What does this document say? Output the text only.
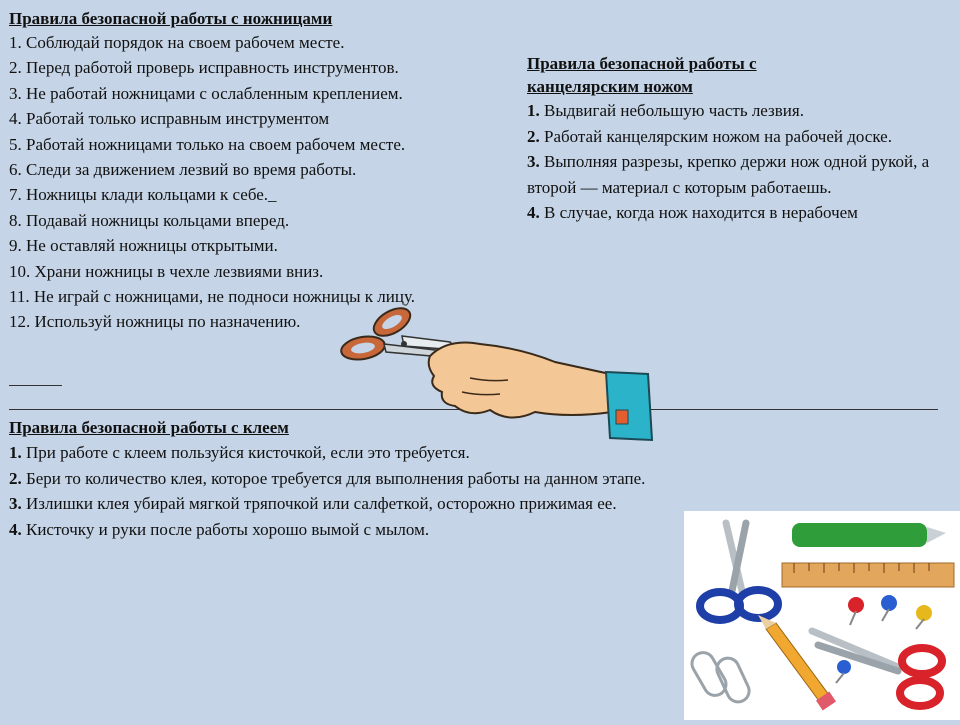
Правила безопасной работы с ножницами

1. Соблюдай порядок на своем рабочем месте.

2. Перед работой проверь исправность инструментов.

3. Не работай ножницами с ослабленным креплением.

4. Работай только исправным инструментом

5. Работай ножницами только на своем рабочем месте.

6. Следи за движением лезвий во время работы.

7. Ножницы клади кольцами к себе._

8. Подавай ножницы кольцами вперед.

9. Не оставляй ножницы открытыми.

10. Храни ножницы в чехле лезвиями вниз.

11. Не играй с ножницами, не подноси ножницы к лицу.

12. Используй ножницы по назначению.

Правила безопасной работы с

канцелярским ножом

1. Выдвигай небольшую часть лезвия.

2. Работай канцелярским ножом на рабочей доске.

3. Выполняя разрезы, крепко держи нож одной рукой, а второй — материал с которым работаешь.

4. В случае, когда нож находится в нерабочем

Правила безопасной работы с клеем

1. При работе с клеем пользуйся кисточкой, если это требуется.

2. Бери то количество клея, которое требуется для выполнения работы на данном этапе.

3. Излишки клея убирай мягкой тряпочкой или салфеткой, осторожно прижимая ее.

4. Кисточку и руки после работы хорошо вымой с мылом.
